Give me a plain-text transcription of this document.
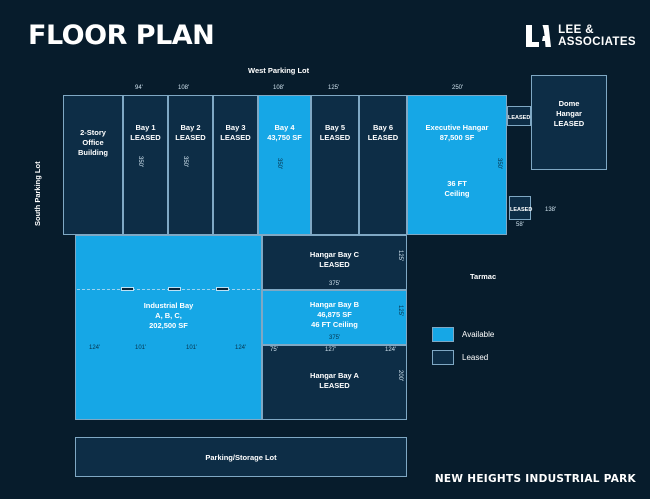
FLOOR PLAN	LEE &
ASSOCIATES
West Parking Lot
South Parking Lot
Tarmac
94'	108'	108'	125'	250'
2-Story
Office
Building
Bay 1
LEASED
350'
Bay 2
LEASED
350'
Bay 3
LEASED
Bay 4
43,750 SF
350'
Bay 5
LEASED
Bay 6
LEASED
Executive Hangar
87,500 SF
36 FT
Ceiling
350'
LEASED
LEASED 138'
58'
Dome
Hangar
LEASED
Industrial Bay
A, B, C,
202,500 SF
124'	101'	101'	124'
Hangar Bay C
LEASED
125'
375'
Hangar Bay B
46,875 SF
46 FT Ceiling
125'
375'
Hangar Bay A
LEASED
200'
75'	127'	124'
Available
Leased
Parking/Storage Lot
NEW HEIGHTS INDUSTRIAL PARK
